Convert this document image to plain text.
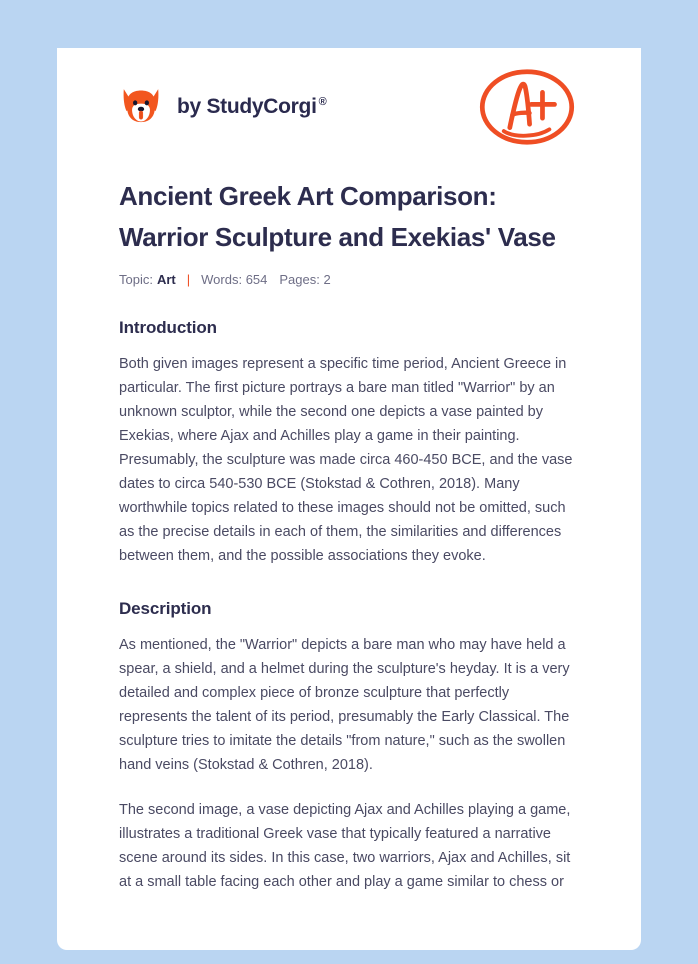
by StudyCorgi ®
Ancient Greek Art Comparison: Warrior Sculpture and Exekias' Vase
Topic: Art | Words: 654 Pages: 2
Introduction

Both given images represent a specific time period, Ancient Greece in particular. The first picture portrays a bare man titled "Warrior" by an unknown sculptor, while the second one depicts a vase painted by Exekias, where Ajax and Achilles play a game in their painting. Presumably, the sculpture was made circa 460-450 BCE, and the vase dates to circa 540-530 BCE (Stokstad & Cothren, 2018). Many worthwhile topics related to these images should not be omitted, such as the precise details in each of them, the similarities and differences between them, and the possible associations they evoke.

Description

As mentioned, the "Warrior" depicts a bare man who may have held a spear, a shield, and a helmet during the sculpture's heyday. It is a very detailed and complex piece of bronze sculpture that perfectly represents the talent of its period, presumably the Early Classical. The sculpture tries to imitate the details "from nature," such as the swollen hand veins (Stokstad & Cothren, 2018).

The second image, a vase depicting Ajax and Achilles playing a game, illustrates a traditional Greek vase that typically featured a narrative scene around its sides. In this case, two warriors, Ajax and Achilles, sit at a small table facing each other and play a game similar to chess or
